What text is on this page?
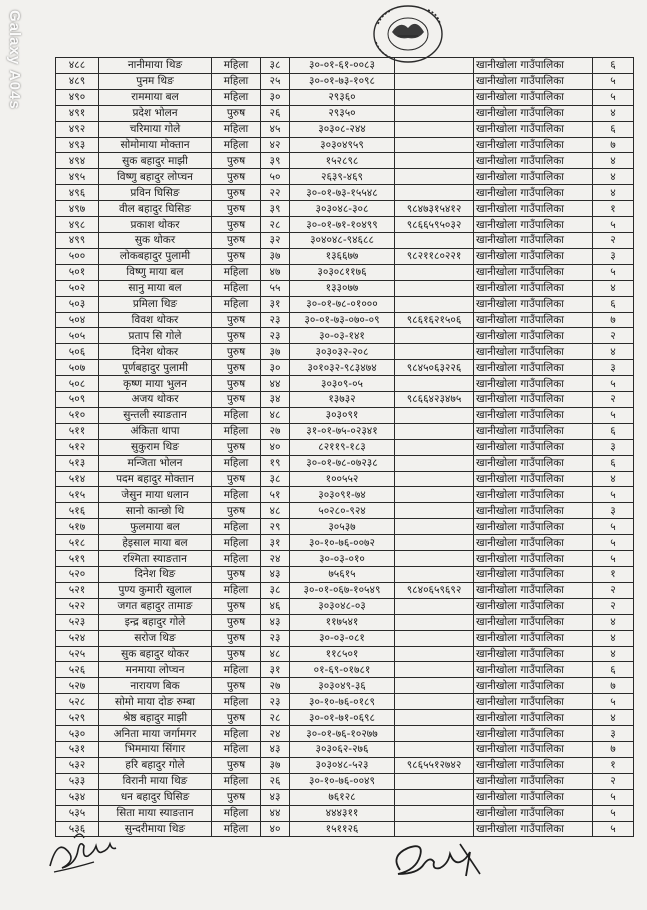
Galaxy A04s	४८८	नानीमाया थिङ	महिला	३८	३०-०१-६१-००८३		खानीखोला गाउँपालिका	६
४८९	पुनम थिङ	महिला	२५	३०-०१-७३-१०९८		खानीखोला गाउँपालिका	५
४९०	राममाया बल	महिला	३०	२९३६०		खानीखोला गाउँपालिका	५
४९१	प्रदेश भोलन	पुरुष	२६	२९३५०		खानीखोला गाउँपालिका	४
४९२	चरिमाया गोले	महिला	४५	३०३०८-२४४		खानीखोला गाउँपालिका	६
४९३	सोमोमाया मोक्तान	महिला	४२	३०३०४९५९		खानीखोला गाउँपालिका	७
४९४	सुक बहादुर माझी	पुरुष	३९	१५२८९८		खानीखोला गाउँपालिका	४
४९५	विष्णु बहादुर लोप्चन	पुरुष	५०	२६३९-४६९		खानीखोला गाउँपालिका	४
४९६	प्रविन घिसिङ	पुरुष	२२	३०-०१-७३-१५५४८		खानीखोला गाउँपालिका	४
४९७	वील बहादुर घिसिङ	पुरुष	३९	३०३०४८-३०८	९८४७३१५४१२	खानीखोला गाउँपालिका	१
४९८	प्रकाश थोकर	पुरुष	२८	३०-०१-७१-१०४९९	९८६६५९५०३२	खानीखोला गाउँपालिका	५
४९९	सुक थोकर	पुरुष	३२	३०४०४८-९४६८८		खानीखोला गाउँपालिका	२
५००	लोकबहादुर पुलामी	पुरुष	३७	१३६६७७	९८२११८०२२१	खानीखोला गाउँपालिका	३
५०१	विष्णु माया बल	महिला	४७	३०३०८११७६		खानीखोला गाउँपालिका	५
५०२	सानु माया बल	महिला	५५	१३३०७७		खानीखोला गाउँपालिका	४
५०३	प्रमिला थिङ	महिला	३१	३०-०१-७८-०१०००		खानीखोला गाउँपालिका	६
५०४	विवश थोकर	पुरुष	२३	३०-०१-७३-०७०-०९	९८६१६२१५०६	खानीखोला गाउँपालिका	७
५०५	प्रताप सि गोले	पुरुष	२३	३०-०३-१४१		खानीखोला गाउँपालिका	२
५०६	दिनेश थोकर	पुरुष	३७	३०३०३२-२०८		खानीखोला गाउँपालिका	४
५०७	पूर्णबहादुर पुलामी	पुरुष	३०	३०१०३२-९८३४७४	९८४५०६३२२६	खानीखोला गाउँपालिका	३
५०८	कृष्ण माया भुलन	पुरुष	४४	३०३०९-०५		खानीखोला गाउँपालिका	५
५०९	अजय थोकर	पुरुष	३४	१३७३२	९८६६४२३४७५	खानीखोला गाउँपालिका	२
५१०	सुन्तली स्याङतान	महिला	४८	३०३०९१		खानीखोला गाउँपालिका	५
५११	अंकिता थापा	महिला	२७	३१-०१-७५-०२३४१		खानीखोला गाउँपालिका	६
५१२	सुकुराम थिङ	पुरुष	४०	८२११९-१८३		खानीखोला गाउँपालिका	३
५१३	मन्जिता भोलन	महिला	१९	३०-०१-७८-०७२३८		खानीखोला गाउँपालिका	६
५१४	पदम बहादुर मोक्तान	पुरुष	३८	१००५५२		खानीखोला गाउँपालिका	४
५१५	जेसुन माया धलान	महिला	५१	३०३०९१-७४		खानीखोला गाउँपालिका	५
५१६	सानो कान्छो थि	पुरुष	४८	५०२८०-९२४		खानीखोला गाउँपालिका	३
५१७	फुलमाया बल	महिला	२९	३०५३७		खानीखोला गाउँपालिका	५
५१८	हेइसाल माया बल	महिला	३१	३०-१०-७६-००७२		खानीखोला गाउँपालिका	५
५१९	रश्मिता स्याङतान	महिला	२४	३०-०३-०१०		खानीखोला गाउँपालिका	५
५२०	दिनेश थिङ	पुरुष	४३	७५६१५		खानीखोला गाउँपालिका	१
५२१	पुण्य कुमारी खुलाल	महिला	३८	३०-०१-०६७-१०५४९	९८४०६५९६९२	खानीखोला गाउँपालिका	२
५२२	जगत बहादुर तामाङ	पुरुष	४६	३०३०४८-०३		खानीखोला गाउँपालिका	२
५२३	इन्द्र बहादुर गोले	पुरुष	४३	११७५४१		खानीखोला गाउँपालिका	४
५२४	सरोज थिङ	पुरुष	२३	३०-०३-०८१		खानीखोला गाउँपालिका	४
५२५	सुक बहादुर थोकर	पुरुष	४८	११८५०१		खानीखोला गाउँपालिका	४
५२६	मनमाया लोप्चन	महिला	३१	०१-६९-०१७८१		खानीखोला गाउँपालिका	६
५२७	नारायण बिक	पुरुष	२७	३०३०४९-३६		खानीखोला गाउँपालिका	७
५२८	सोमो माया दोङ रुम्बा	महिला	२३	३०-१०-७६-०१८९		खानीखोला गाउँपालिका	५
५२९	श्रेष्ठ बहादुर माझी	पुरुष	२८	३०-०१-७१-०६९८		खानीखोला गाउँपालिका	४
५३०	अनिता माया जर्गामगर	महिला	२४	३०-०१-७६-१०२७७		खानीखोला गाउँपालिका	३
५३१	भिममाया सिंगार	महिला	४३	३०३०६२-२७६		खानीखोला गाउँपालिका	७
५३२	हरि बहादुर गोले	पुरुष	३७	३०३०४८-५२३	९८६५५१२७४२	खानीखोला गाउँपालिका	१
५३३	विरानी माया थिङ	महिला	२६	३०-१०-७६-००४९		खानीखोला गाउँपालिका	२
५३४	धन बहादुर घिसिङ	पुरुष	४३	७६१२८		खानीखोला गाउँपालिका	५
५३५	सिता माया स्याङतान	महिला	४४	४४४३११		खानीखोला गाउँपालिका	५
५३६	सुन्दरीमाया थिङ	महिला	४०	१५११२६		खानीखोला गाउँपालिका	५
